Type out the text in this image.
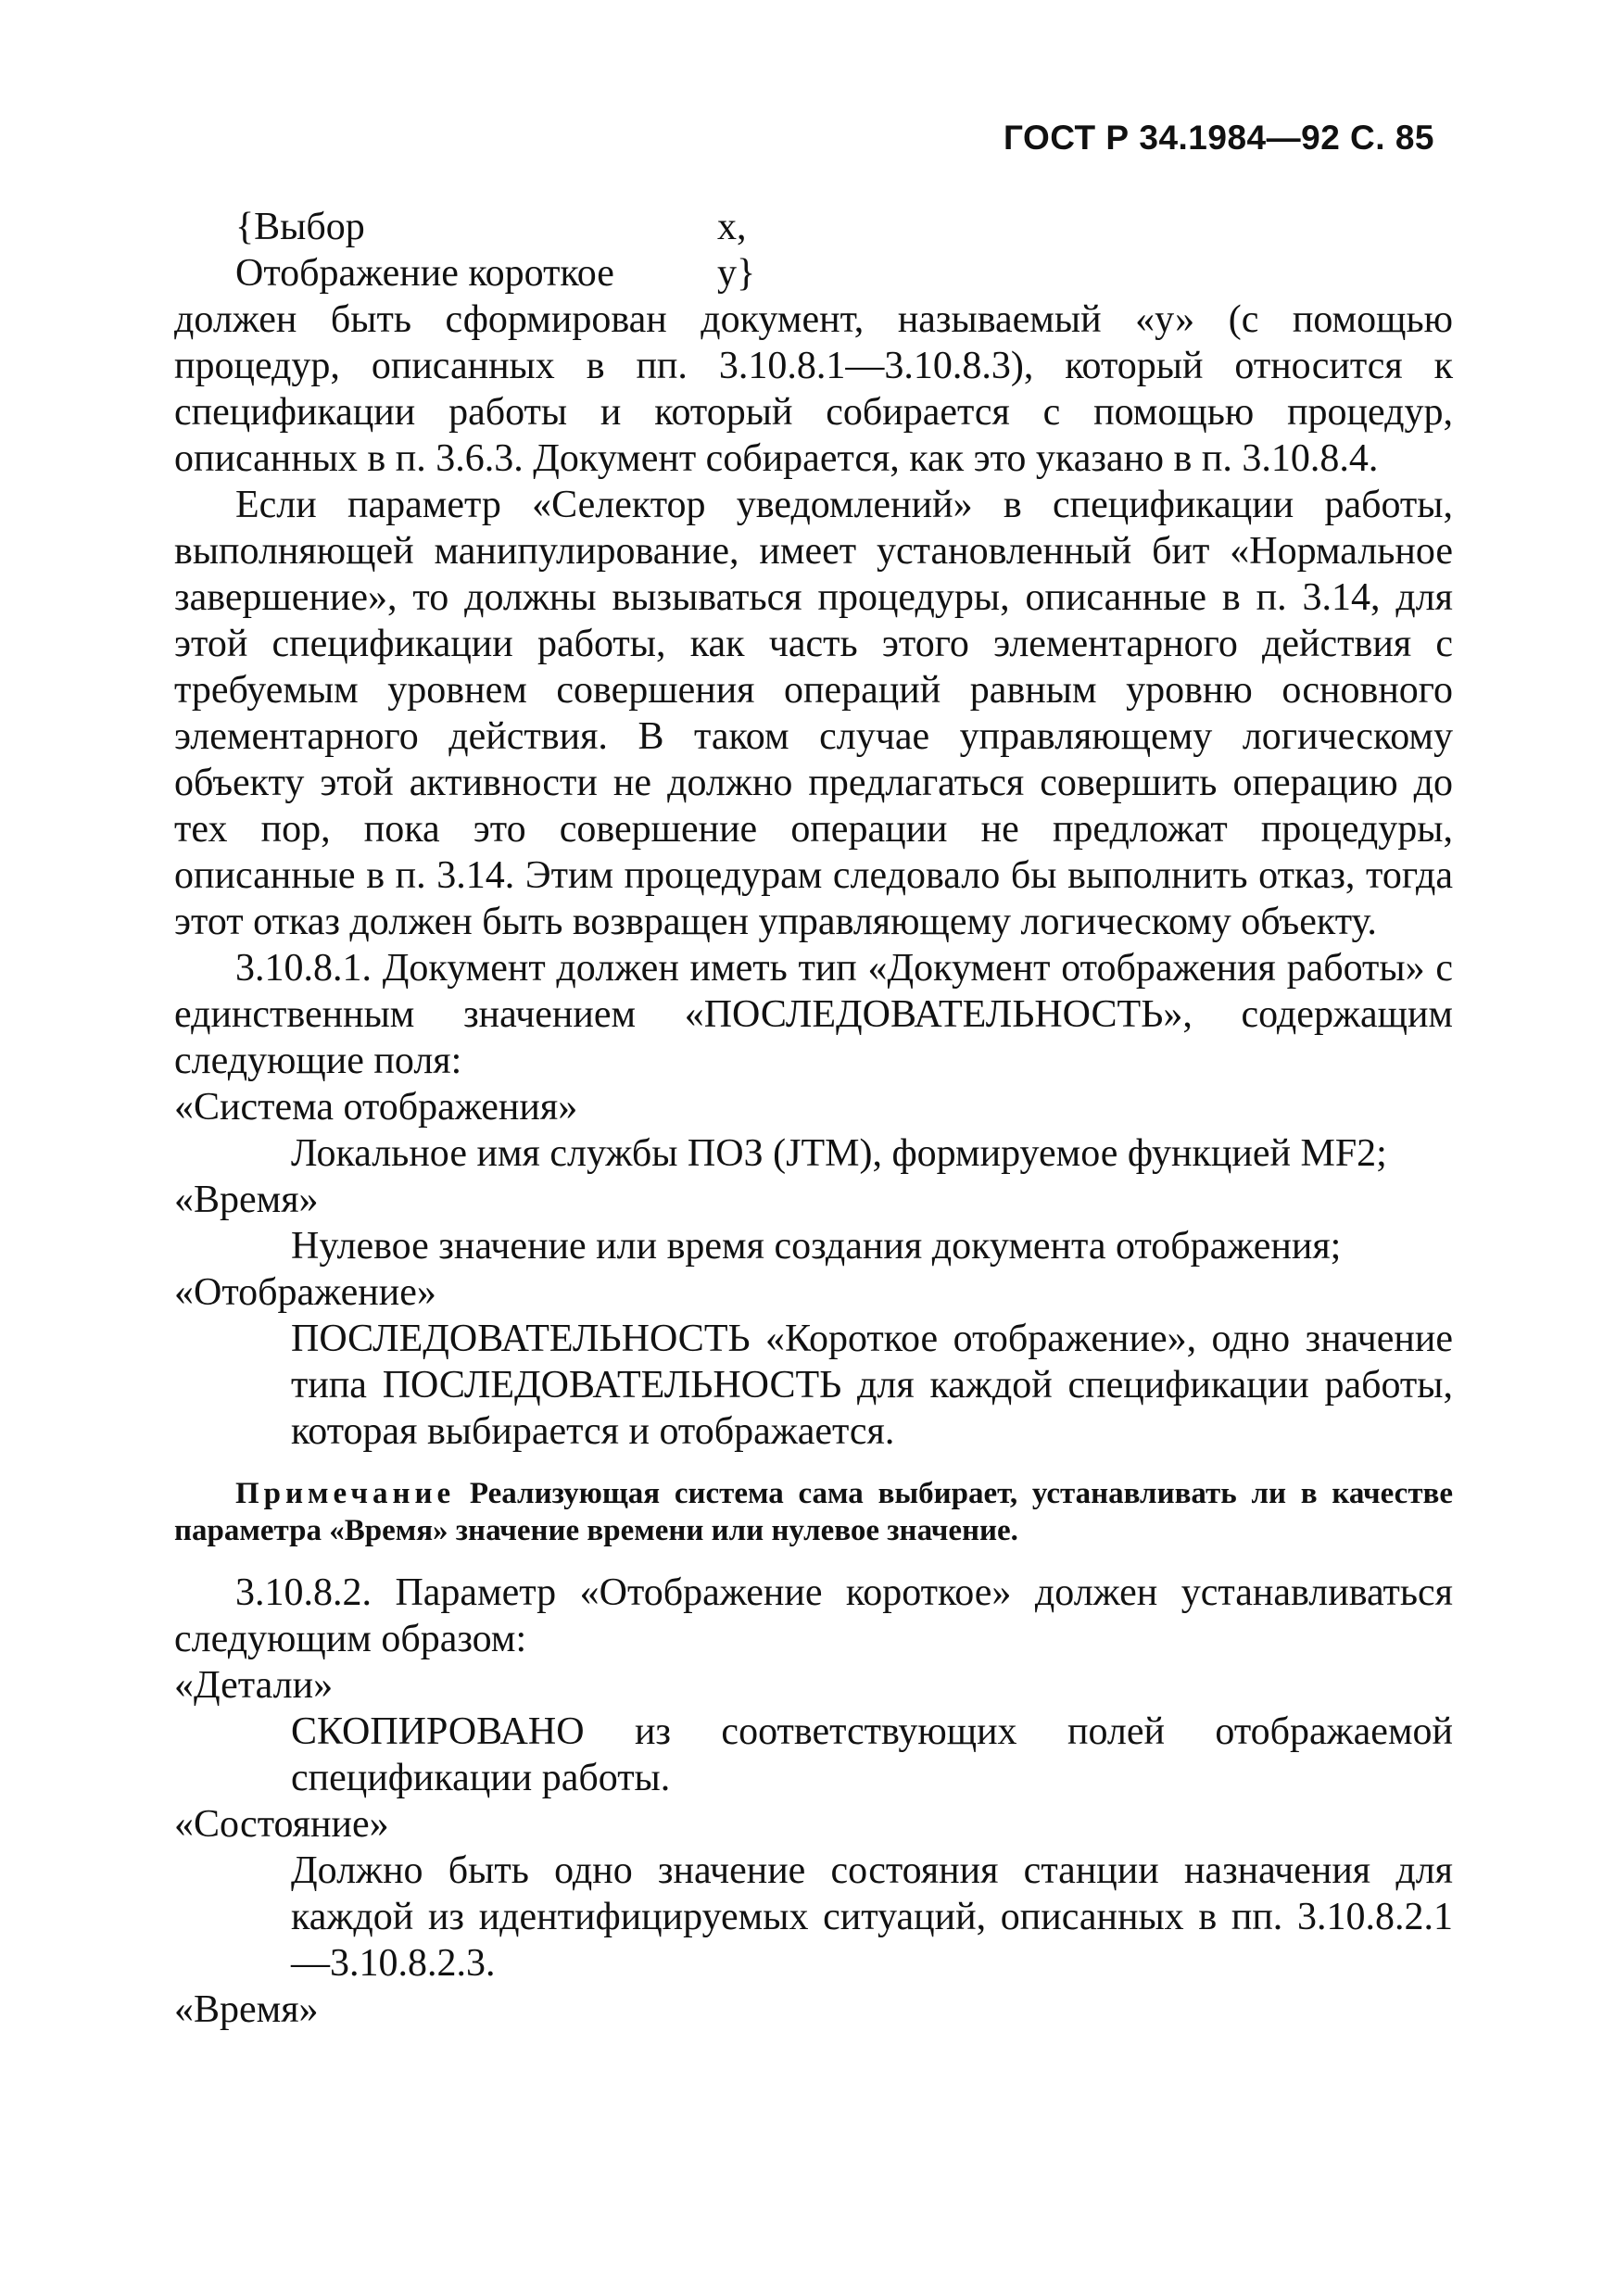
ГОСТ Р 34.1984—92 С. 85
{Выбор	х,
Отображение короткое	у}

должен быть сформирован документ, называемый «у» (с помощью процедур, описанных в пп. 3.10.8.1—3.10.8.3), который относится к спецификации работы и который собирается с помощью процедур, описанных в п. 3.6.3. Документ собирается, как это указано в п. 3.10.8.4.

Если параметр «Селектор уведомлений» в спецификации работы, выполняющей манипулирование, имеет установленный бит «Нормальное завершение», то должны вызываться процедуры, описанные в п. 3.14, для этой спецификации работы, как часть этого элементарного действия с требуемым уровнем совершения операций равным уровню основного элементарного действия. В таком случае управляющему логическому объекту этой активности не должно предлагаться совершить операцию до тех пор, пока это совершение операции не предложат процедуры, описанные в п. 3.14. Этим процедурам следовало бы выполнить отказ, тогда этот отказ должен быть возвращен управляющему логическому объекту.

3.10.8.1. Документ должен иметь тип «Документ отображения работы» с единственным значением «ПОСЛЕДОВАТЕЛЬНОСТЬ», содержащим следующие поля:

«Система отображения»

Локальное имя службы ПОЗ (JTM), формируемое функцией MF2;

«Время»

Нулевое значение или время создания документа отображения;

«Отображение»

ПОСЛЕДОВАТЕЛЬНОСТЬ «Короткое отображение», одно значение типа ПОСЛЕДОВАТЕЛЬНОСТЬ для каждой спецификации работы, которая выбирается и отображается.

Примечание Реализующая система сама выбирает, устанавливать ли в качестве параметра «Время» значение времени или нулевое значение.

3.10.8.2. Параметр «Отображение короткое» должен устанавливаться следующим образом:

«Детали»

СКОПИРОВАНО из соответствующих полей отображаемой спецификации работы.

«Состояние»

Должно быть одно значение состояния станции назначения для каждой из идентифицируемых ситуаций, описанных в пп. 3.10.8.2.1—3.10.8.2.3.

«Время»
